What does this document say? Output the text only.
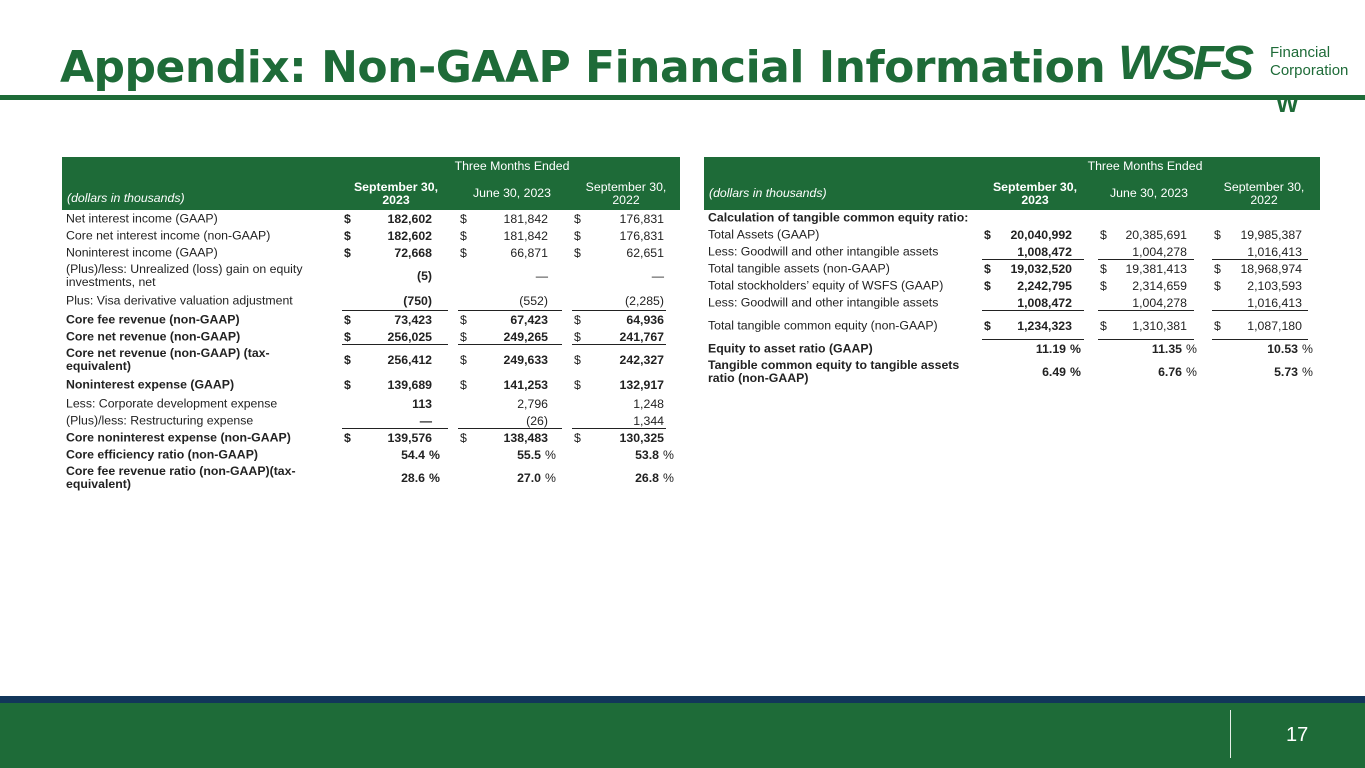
Appendix: Non-GAAP Financial Information WSFS Financial
Corporation
W
Three Months Ended
(dollars in thousands)
September 30, 2023	June 30, 2023	September 30, 2022
Net interest income (GAAP)	$	182,602 $	181,842 $	176,831
Core net interest income (non-GAAP)	$	182,602 $	181,842 $	176,831
Noninterest income (GAAP)	$	72,668 $	66,871 $	62,651
(Plus)/less: Unrealized (loss) gain on equity investments, net	(5)	—	—
Plus: Visa derivative valuation adjustment	(750)	(552)	(2,285)
Core fee revenue (non-GAAP)	$	73,423 $	67,423 $	64,936
Core net revenue (non-GAAP)	$	256,025 $	249,265 $	241,767
Core net revenue (non-GAAP) (tax-equivalent)	$	256,412 $	249,633 $	242,327
Noninterest expense (GAAP)	$	139,689 $	141,253 $	132,917
Less: Corporate development expense	113	2,796	1,248
(Plus)/less: Restructuring expense	—	(26)	1,344
Core noninterest expense (non-GAAP)	$	139,576 $	138,483 $	130,325
Core efficiency ratio (non-GAAP)	54.4 %	55.5 %	53.8 %
Core fee revenue ratio (non-GAAP)(tax-equivalent)	28.6 %	27.0 %	26.8 %
Three Months Ended
(dollars in thousands)	September 30, 2023	June 30, 2023	September 30, 2022
Calculation of tangible common equity ratio:
Total Assets (GAAP)	$ 20,040,992 $ 20,385,691 $ 19,985,387
Less: Goodwill and other intangible assets	1,008,472	1,004,278	1,016,413
Total tangible assets (non-GAAP)	$ 19,032,520 $ 19,381,413 $ 18,968,974
Total stockholders’ equity of WSFS (GAAP)	$ 2,242,795 $ 2,314,659 $ 2,103,593
Less: Goodwill and other intangible assets	1,008,472	1,004,278	1,016,413
Total tangible common equity (non-GAAP)	$ 1,234,323 $ 1,310,381 $ 1,087,180
Equity to asset ratio (GAAP)	11.19 %	11.35 %	10.53 %
Tangible common equity to tangible assets ratio (non-GAAP)	6.49 %	6.76 %	5.73 %
17
